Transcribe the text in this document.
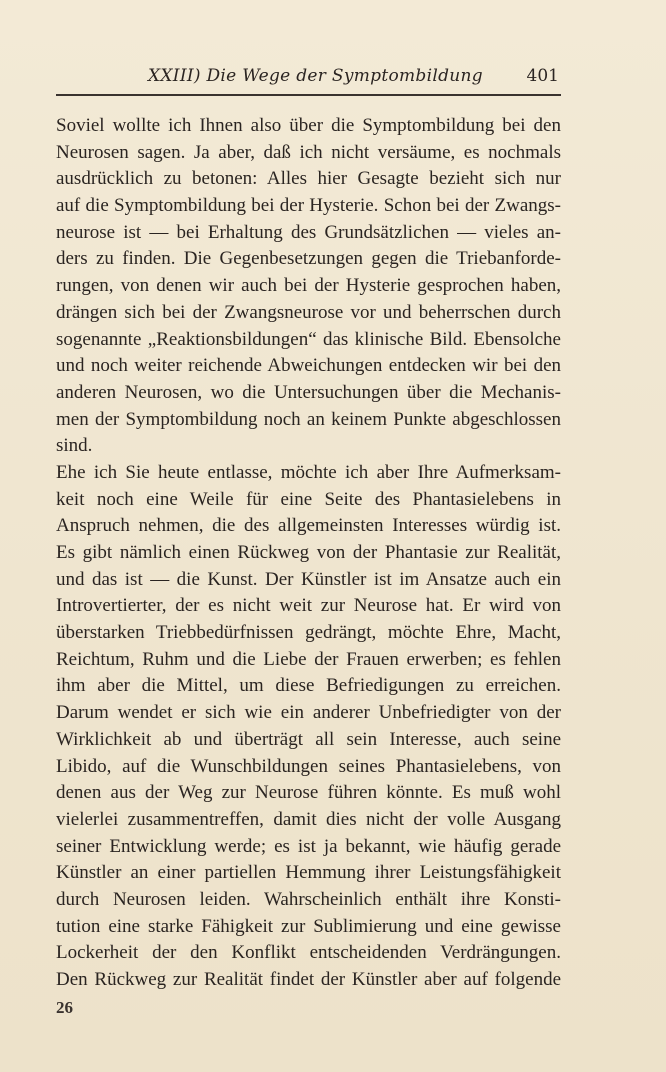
XXIII) Die Wege der Symptombildung	401
Soviel wollte ich Ihnen also über die Symptombildung bei den
Neurosen sagen. Ja aber, daß ich nicht versäume, es nochmals
ausdrücklich zu betonen: Alles hier Gesagte bezieht sich nur
auf die Symptombildung bei der Hysterie. Schon bei der Zwangs-
neurose ist — bei Erhaltung des Grundsätzlichen — vieles an-
ders zu finden. Die Gegenbesetzungen gegen die Triebanforde-
rungen, von denen wir auch bei der Hysterie gesprochen haben,
drängen sich bei der Zwangsneurose vor und beherrschen durch
sogenannte „Reaktionsbildungen“ das klinische Bild. Ebensolche
und noch weiter reichende Abweichungen entdecken wir bei den
anderen Neurosen, wo die Untersuchungen über die Mechanis-
men der Symptombildung noch an keinem Punkte abgeschlossen
sind.
Ehe ich Sie heute entlasse, möchte ich aber Ihre Aufmerksam-
keit noch eine Weile für eine Seite des Phantasielebens in
Anspruch nehmen, die des allgemeinsten Interesses würdig ist.
Es gibt nämlich einen Rückweg von der Phantasie zur Realität,
und das ist — die Kunst. Der Künstler ist im Ansatze auch ein
Introvertierter, der es nicht weit zur Neurose hat. Er wird von
überstarken Triebbedürfnissen gedrängt, möchte Ehre, Macht,
Reichtum, Ruhm und die Liebe der Frauen erwerben; es fehlen
ihm aber die Mittel, um diese Befriedigungen zu erreichen.
Darum wendet er sich wie ein anderer Unbefriedigter von der
Wirklichkeit ab und überträgt all sein Interesse, auch seine
Libido, auf die Wunschbildungen seines Phantasielebens, von
denen aus der Weg zur Neurose führen könnte. Es muß wohl
vielerlei zusammentreffen, damit dies nicht der volle Ausgang
seiner Entwicklung werde; es ist ja bekannt, wie häufig gerade
Künstler an einer partiellen Hemmung ihrer Leistungsfähigkeit
durch Neurosen leiden. Wahrscheinlich enthält ihre Konsti-
tution eine starke Fähigkeit zur Sublimierung und eine gewisse
Lockerheit der den Konflikt entscheidenden Verdrängungen.
Den Rückweg zur Realität findet der Künstler aber auf folgende
26
